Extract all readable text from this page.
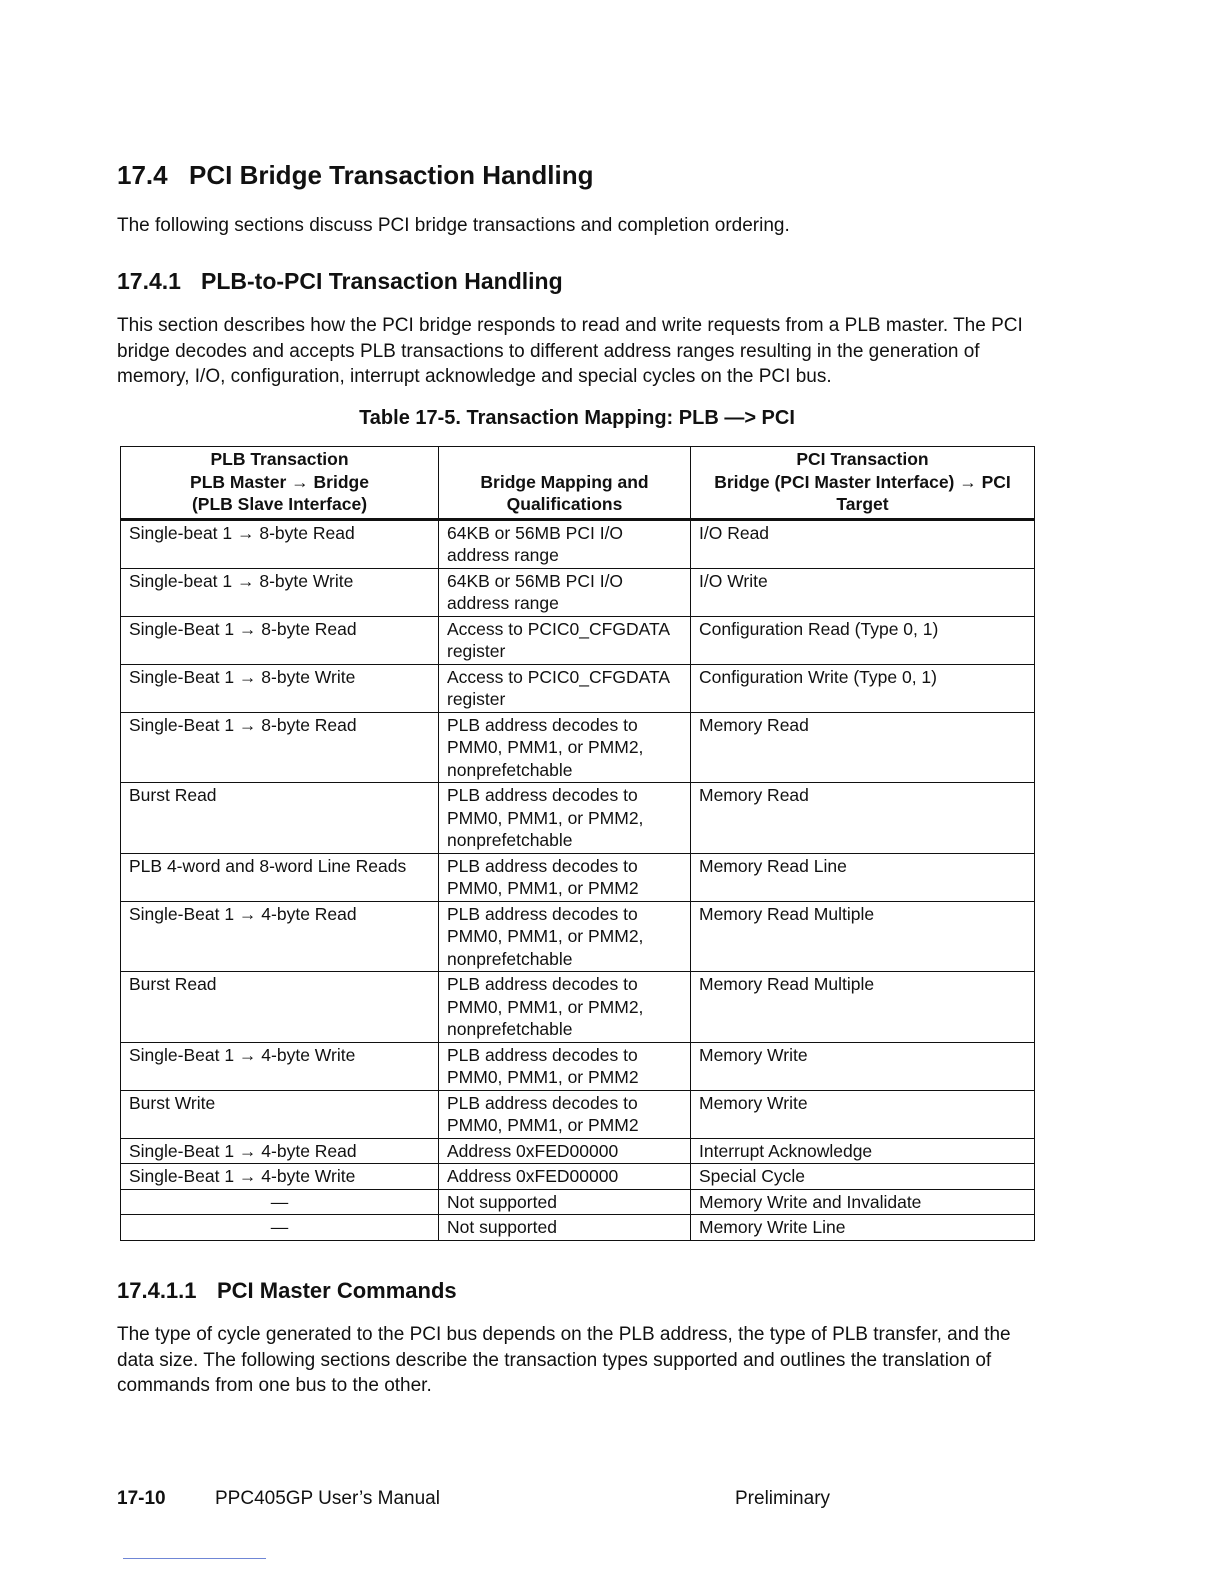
17.4 PCI Bridge Transaction Handling

The following sections discuss PCI bridge transactions and completion ordering.

17.4.1 PLB-to-PCI Transaction Handling

This section describes how the PCI bridge responds to read and write requests from a PLB master. The PCI bridge decodes and accepts PLB transactions to different address ranges resulting in the generation of memory, I/O, configuration, interrupt acknowledge and special cycles on the PCI bus.

Table 17-5. Transaction Mapping: PLB —> PCI

PLB Transaction
PLB Master → Bridge
(PLB Slave Interface)	Bridge Mapping and
Qualifications	PCI Transaction
Bridge (PCI Master Interface) → PCI
Target

Single-beat 1 → 8-byte Read	64KB or 56MB PCI I/O
address range	I/O Read
Single-beat 1 → 8-byte Write	64KB or 56MB PCI I/O
address range	I/O Write
Single-Beat 1 → 8-byte Read	Access to PCIC0_CFGDATA
register	Configuration Read (Type 0, 1)
Single-Beat 1 → 8-byte Write	Access to PCIC0_CFGDATA
register	Configuration Write (Type 0, 1)
Single-Beat 1 → 8-byte Read	PLB address decodes to
PMM0, PMM1, or PMM2,
nonprefetchable	Memory Read
Burst Read	PLB address decodes to
PMM0, PMM1, or PMM2,
nonprefetchable	Memory Read
PLB 4-word and 8-word Line Reads	PLB address decodes to
PMM0, PMM1, or PMM2	Memory Read Line
Single-Beat 1 → 4-byte Read	PLB address decodes to
PMM0, PMM1, or PMM2,
nonprefetchable	Memory Read Multiple
Burst Read	PLB address decodes to
PMM0, PMM1, or PMM2,
nonprefetchable	Memory Read Multiple
Single-Beat 1 → 4-byte Write	PLB address decodes to
PMM0, PMM1, or PMM2	Memory Write
Burst Write	PLB address decodes to
PMM0, PMM1, or PMM2	Memory Write
Single-Beat 1 → 4-byte Read	Address 0xFED00000	Interrupt Acknowledge
Single-Beat 1 → 4-byte Write	Address 0xFED00000	Special Cycle
—	Not supported	Memory Write and Invalidate
—	Not supported	Memory Write Line
17.4.1.1 PCI Master Commands

The type of cycle generated to the PCI bus depends on the PLB address, the type of PLB transfer, and the data size. The following sections describe the transaction types supported and outlines the translation of commands from one bus to the other.

17-10	PPC405GP User’s Manual	Preliminary
